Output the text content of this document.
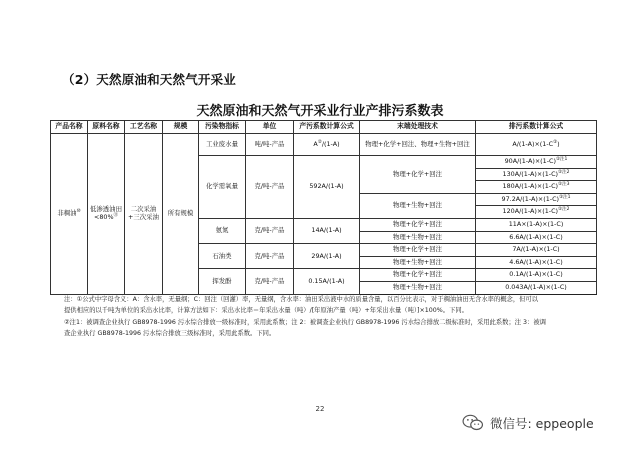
（2）天然原油和天然气开采业
天然原油和天然气开采业行业产排污系数表
产品名称	原料名称	工艺名称	规模	污染物指标	单位	产污系数计算公式	末端处理技术	排污系数计算公式
非稠油⑩	低渗透油田<80%⑪	二次采油+三次采油	所有规模	工业废水量	吨/吨-产品	A②/(1-A)	物理+化学+回注、物理+生物+回注	A/(1-A)×(1-C②)
				化学需氧量	克/吨-产品	592A/(1-A)	物理+化学+回注	$90A/(1-A)\times(1-C)^{②注1}$
								$130A/(1-A)\times(1-C)^{②注2}$
								$180A/(1-A)\times(1-C)^{②注3}$
							物理+生物+回注	$97.2A/(1-A)\times(1-C)^{②注1}$
								$120A/(1-A)\times(1-C)^{②注2}$
				氨氮	克/吨-产品	14A/(1-A)	物理+化学+回注	11A×(1-A)×(1-C)
							物理+生物+回注	6.6A/(1-A)×(1-C)
				石油类	克/吨-产品	29A/(1-A)	物理+化学+回注	7A/(1-A)×(1-C)
							物理+生物+回注	4.6A/(1-A)×(1-C)
				挥发酚	克/吨-产品	0.15A/(1-A)	物理+化学+回注	0.1A/(1-A)×(1-C)
							物理+生物+回注	0.043A/(1-A)×(1-C)

注：①公式中字母含义：A：含水率，无量纲；C：回注（回灌）率，无量纲，含水率：油田采出液中水的质量含量，以百分比表示，对于稠油油田无含水率的概念，但可以

提供相应的以千吨为单位的采出水比率，计算方法如下：采出水比率＝年采出水量（吨）/[年原油产量（吨）+年采出水量（吨）]×100%。下同。

②注1：被调查企业执行 GB8978-1996 污水综合排放一级标准时，采用此系数；注 2：被调查企业执行 GB8978-1996 污水综合排放二级标准时，采用此系数；注 3：被调

查企业执行 GB8978-1996 污水综合排放三级标准时，采用此系数。下同。

22
微信号: eppeople
